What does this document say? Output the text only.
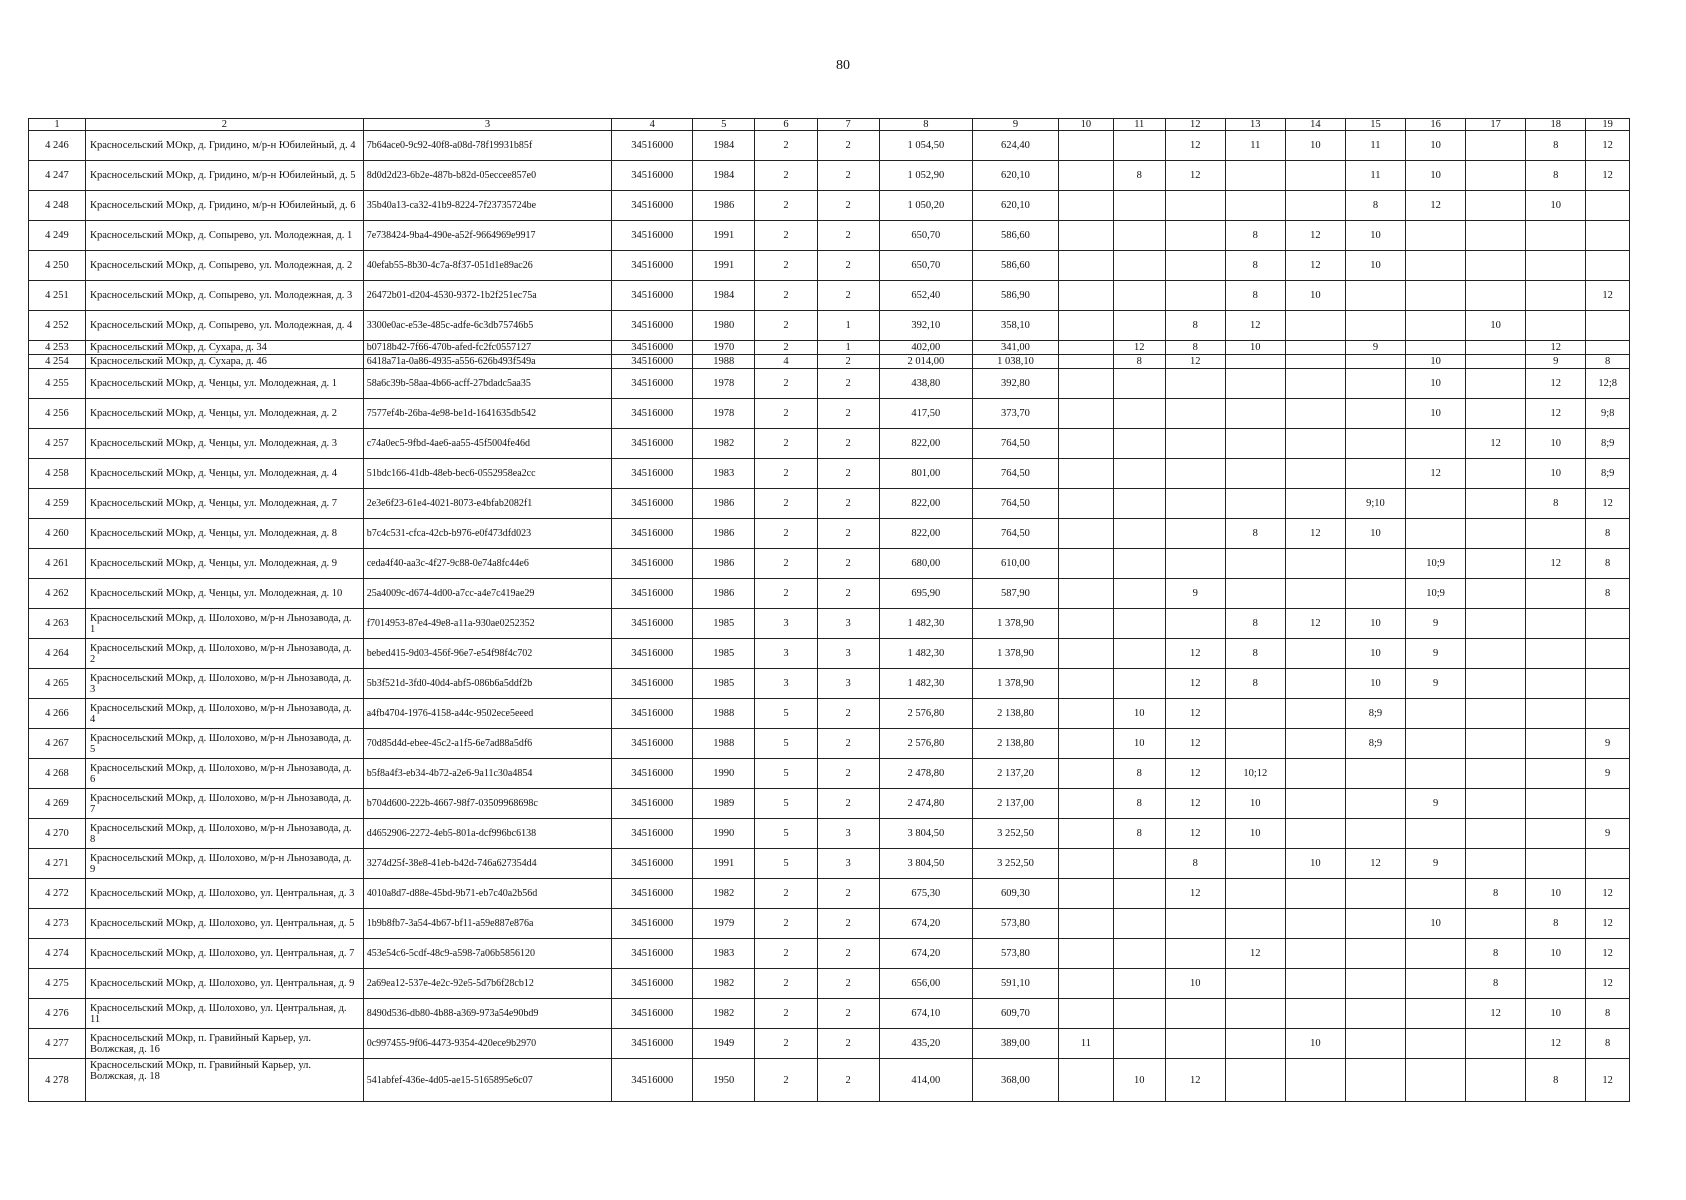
80
1	2	3	4	5	6	7	8	9	10	11	12	13	14	15	16	17	18	19
4 246	Красносельский МОкр, д. Гридино, м/р-н Юбилейный, д. 4	7b64ace0-9c92-40f8-a08d-78f19931b85f	34516000	1984	2	2	1 054,50	624,40			12	11	10	11	10		8	12
4 247	Красносельский МОкр, д. Гридино, м/р-н Юбилейный, д. 5	8d0d2d23-6b2e-487b-b82d-05eccee857e0	34516000	1984	2	2	1 052,90	620,10		8	12			11	10		8	12
4 248	Красносельский МОкр, д. Гридино, м/р-н Юбилейный, д. 6	35b40a13-ca32-41b9-8224-7f23735724be	34516000	1986	2	2	1 050,20	620,10						8	12		10	
4 249	Красносельский МОкр, д. Сопырево, ул. Молодежная, д. 1	7e738424-9ba4-490e-a52f-9664969e9917	34516000	1991	2	2	650,70	586,60				8	12	10				
4 250	Красносельский МОкр, д. Сопырево, ул. Молодежная, д. 2	40efab55-8b30-4c7a-8f37-051d1e89ac26	34516000	1991	2	2	650,70	586,60				8	12	10				
4 251	Красносельский МОкр, д. Сопырево, ул. Молодежная, д. 3	26472b01-d204-4530-9372-1b2f251ec75a	34516000	1984	2	2	652,40	586,90				8	10					12
4 252	Красносельский МОкр, д. Сопырево, ул. Молодежная, д. 4	3300e0ac-e53e-485c-adfe-6c3db75746b5	34516000	1980	2	1	392,10	358,10			8	12				10		
4 253	Красносельский МОкр, д. Сухара, д. 34	b0718b42-7f66-470b-afed-fc2fc0557127	34516000	1970	2	1	402,00	341,00		12	8	10		9			12	
4 254	Красносельский МОкр, д. Сухара, д. 46	6418a71a-0a86-4935-a556-626b493f549a	34516000	1988	4	2	2 014,00	1 038,10		8	12				10		9	8
4 255	Красносельский МОкр, д. Ченцы, ул. Молодежная, д. 1	58a6c39b-58aa-4b66-acff-27bdadc5aa35	34516000	1978	2	2	438,80	392,80							10		12	12;8
4 256	Красносельский МОкр, д. Ченцы, ул. Молодежная, д. 2	7577ef4b-26ba-4e98-be1d-1641635db542	34516000	1978	2	2	417,50	373,70							10		12	9;8
4 257	Красносельский МОкр, д. Ченцы, ул. Молодежная, д. 3	c74a0ec5-9fbd-4ae6-aa55-45f5004fe46d	34516000	1982	2	2	822,00	764,50								12	10	8;9
4 258	Красносельский МОкр, д. Ченцы, ул. Молодежная, д. 4	51bdc166-41db-48eb-bec6-0552958ea2cc	34516000	1983	2	2	801,00	764,50							12		10	8;9
4 259	Красносельский МОкр, д. Ченцы, ул. Молодежная, д. 7	2e3e6f23-61e4-4021-8073-e4bfab2082f1	34516000	1986	2	2	822,00	764,50						9;10			8	12
4 260	Красносельский МОкр, д. Ченцы, ул. Молодежная, д. 8	b7c4c531-cfca-42cb-b976-e0f473dfd023	34516000	1986	2	2	822,00	764,50				8	12	10				8
4 261	Красносельский МОкр, д. Ченцы, ул. Молодежная, д. 9	ceda4f40-aa3c-4f27-9c88-0e74a8fc44e6	34516000	1986	2	2	680,00	610,00							10;9		12	8
4 262	Красносельский МОкр, д. Ченцы, ул. Молодежная, д. 10	25a4009c-d674-4d00-a7cc-a4e7c419ae29	34516000	1986	2	2	695,90	587,90			9				10;9			8
4 263	Красносельский МОкр, д. Шолохово, м/р-н Льнозавода, д. 1	f7014953-87e4-49e8-a11a-930ae0252352	34516000	1985	3	3	1 482,30	1 378,90				8	12	10	9			
4 264	Красносельский МОкр, д. Шолохово, м/р-н Льнозавода, д. 2	bebed415-9d03-456f-96e7-e54f98f4c702	34516000	1985	3	3	1 482,30	1 378,90			12	8		10	9			
4 265	Красносельский МОкр, д. Шолохово, м/р-н Льнозавода, д. 3	5b3f521d-3fd0-40d4-abf5-086b6a5ddf2b	34516000	1985	3	3	1 482,30	1 378,90			12	8		10	9			
4 266	Красносельский МОкр, д. Шолохово, м/р-н Льнозавода, д. 4	a4fb4704-1976-4158-a44c-9502ece5eeed	34516000	1988	5	2	2 576,80	2 138,80		10	12			8;9				
4 267	Красносельский МОкр, д. Шолохово, м/р-н Льнозавода, д. 5	70d85d4d-ebee-45c2-a1f5-6e7ad88a5df6	34516000	1988	5	2	2 576,80	2 138,80		10	12			8;9				9
4 268	Красносельский МОкр, д. Шолохово, м/р-н Льнозавода, д. 6	b5f8a4f3-eb34-4b72-a2e6-9a11c30a4854	34516000	1990	5	2	2 478,80	2 137,20		8	12	10;12						9
4 269	Красносельский МОкр, д. Шолохово, м/р-н Льнозавода, д. 7	b704d600-222b-4667-98f7-03509968698c	34516000	1989	5	2	2 474,80	2 137,00		8	12	10			9			
4 270	Красносельский МОкр, д. Шолохово, м/р-н Льнозавода, д. 8	d4652906-2272-4eb5-801a-dcf996bc6138	34516000	1990	5	3	3 804,50	3 252,50		8	12	10						9
4 271	Красносельский МОкр, д. Шолохово, м/р-н Льнозавода, д. 9	3274d25f-38e8-41eb-b42d-746a627354d4	34516000	1991	5	3	3 804,50	3 252,50			8		10	12	9			
4 272	Красносельский МОкр, д. Шолохово, ул. Центральная, д. 3	4010a8d7-d88e-45bd-9b71-eb7c40a2b56d	34516000	1982	2	2	675,30	609,30			12					8	10	12
4 273	Красносельский МОкр, д. Шолохово, ул. Центральная, д. 5	1b9b8fb7-3a54-4b67-bf11-a59e887e876a	34516000	1979	2	2	674,20	573,80							10		8	12
4 274	Красносельский МОкр, д. Шолохово, ул. Центральная, д. 7	453e54c6-5cdf-48c9-a598-7a06b5856120	34516000	1983	2	2	674,20	573,80				12				8	10	12
4 275	Красносельский МОкр, д. Шолохово, ул. Центральная, д. 9	2a69ea12-537e-4e2c-92e5-5d7b6f28cb12	34516000	1982	2	2	656,00	591,10			10					8		12
4 276	Красносельский МОкр, д. Шолохово, ул. Центральная, д. 11	8490d536-db80-4b88-a369-973a54e90bd9	34516000	1982	2	2	674,10	609,70								12	10	8
4 277	Красносельский МОкр, п. Гравийный Карьер, ул. Волжская, д. 16	0c997455-9f06-4473-9354-420ece9b2970	34516000	1949	2	2	435,20	389,00	11				10				12	8
4 278	Красносельский МОкр, п. Гравийный Карьер, ул. Волжская, д. 18	541abfef-436e-4d05-ae15-5165895e6c07	34516000	1950	2	2	414,00	368,00		10	12						8	12
